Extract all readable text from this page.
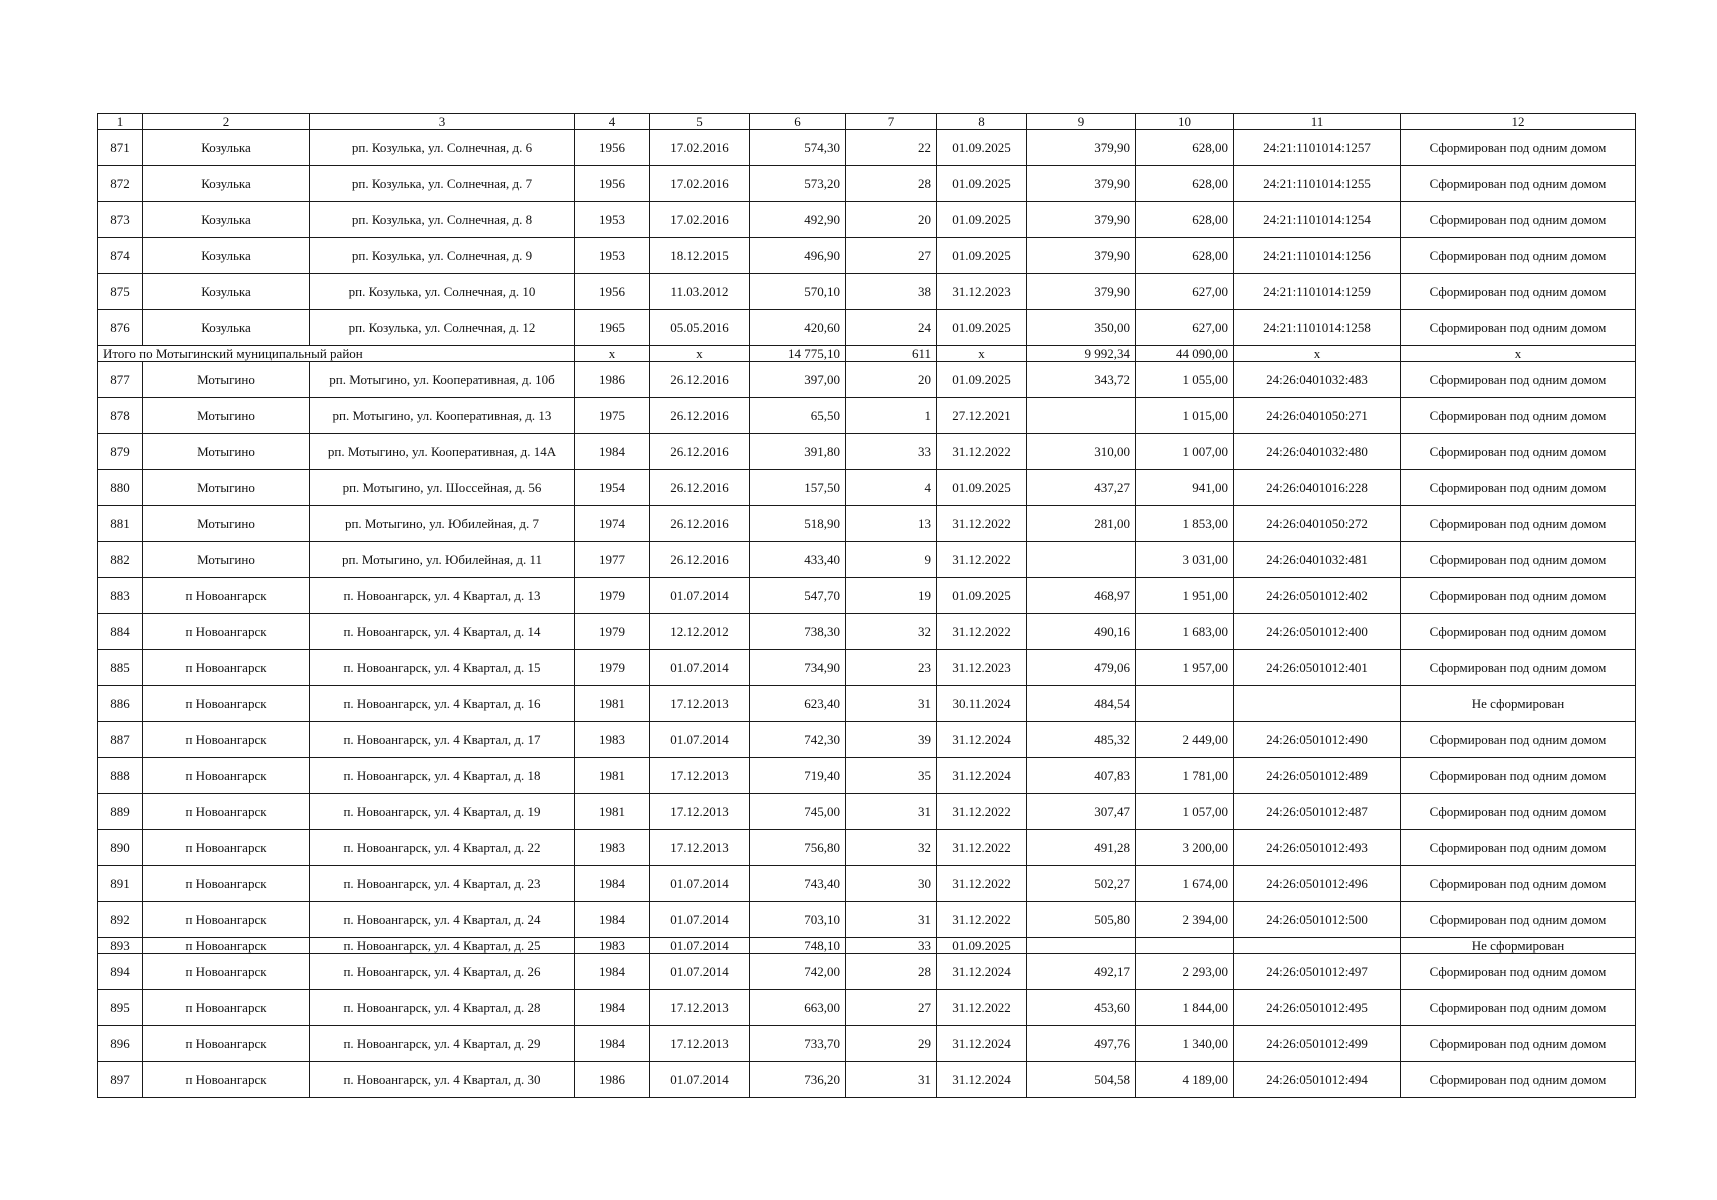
1	2	3	4	5	6	7	8	9	10	11	12
871	Козулька	рп. Козулька, ул. Солнечная, д. 6	1956	17.02.2016	574,30	22	01.09.2025	379,90	628,00	24:21:1101014:1257	Сформирован под одним домом
872	Козулька	рп. Козулька, ул. Солнечная, д. 7	1956	17.02.2016	573,20	28	01.09.2025	379,90	628,00	24:21:1101014:1255	Сформирован под одним домом
873	Козулька	рп. Козулька, ул. Солнечная, д. 8	1953	17.02.2016	492,90	20	01.09.2025	379,90	628,00	24:21:1101014:1254	Сформирован под одним домом
874	Козулька	рп. Козулька, ул. Солнечная, д. 9	1953	18.12.2015	496,90	27	01.09.2025	379,90	628,00	24:21:1101014:1256	Сформирован под одним домом
875	Козулька	рп. Козулька, ул. Солнечная, д. 10	1956	11.03.2012	570,10	38	31.12.2023	379,90	627,00	24:21:1101014:1259	Сформирован под одним домом
876	Козулька	рп. Козулька, ул. Солнечная, д. 12	1965	05.05.2016	420,60	24	01.09.2025	350,00	627,00	24:21:1101014:1258	Сформирован под одним домом
Итого по Мотыгинский муниципальный район			x	x	14 775,10	611	x	9 992,34	44 090,00	x	x
877	Мотыгино	рп. Мотыгино, ул. Кооперативная, д. 10б	1986	26.12.2016	397,00	20	01.09.2025	343,72	1 055,00	24:26:0401032:483	Сформирован под одним домом
878	Мотыгино	рп. Мотыгино, ул. Кооперативная, д. 13	1975	26.12.2016	65,50	1	27.12.2021		1 015,00	24:26:0401050:271	Сформирован под одним домом
879	Мотыгино	рп. Мотыгино, ул. Кооперативная, д. 14А	1984	26.12.2016	391,80	33	31.12.2022	310,00	1 007,00	24:26:0401032:480	Сформирован под одним домом
880	Мотыгино	рп. Мотыгино, ул. Шоссейная, д. 56	1954	26.12.2016	157,50	4	01.09.2025	437,27	941,00	24:26:0401016:228	Сформирован под одним домом
881	Мотыгино	рп. Мотыгино, ул. Юбилейная, д. 7	1974	26.12.2016	518,90	13	31.12.2022	281,00	1 853,00	24:26:0401050:272	Сформирован под одним домом
882	Мотыгино	рп. Мотыгино, ул. Юбилейная, д. 11	1977	26.12.2016	433,40	9	31.12.2022		3 031,00	24:26:0401032:481	Сформирован под одним домом
883	п Новоангарск	п. Новоангарск, ул. 4 Квартал, д. 13	1979	01.07.2014	547,70	19	01.09.2025	468,97	1 951,00	24:26:0501012:402	Сформирован под одним домом
884	п Новоангарск	п. Новоангарск, ул. 4 Квартал, д. 14	1979	12.12.2012	738,30	32	31.12.2022	490,16	1 683,00	24:26:0501012:400	Сформирован под одним домом
885	п Новоангарск	п. Новоангарск, ул. 4 Квартал, д. 15	1979	01.07.2014	734,90	23	31.12.2023	479,06	1 957,00	24:26:0501012:401	Сформирован под одним домом
886	п Новоангарск	п. Новоангарск, ул. 4 Квартал, д. 16	1981	17.12.2013	623,40	31	30.11.2024	484,54			Не сформирован
887	п Новоангарск	п. Новоангарск, ул. 4 Квартал, д. 17	1983	01.07.2014	742,30	39	31.12.2024	485,32	2 449,00	24:26:0501012:490	Сформирован под одним домом
888	п Новоангарск	п. Новоангарск, ул. 4 Квартал, д. 18	1981	17.12.2013	719,40	35	31.12.2024	407,83	1 781,00	24:26:0501012:489	Сформирован под одним домом
889	п Новоангарск	п. Новоангарск, ул. 4 Квартал, д. 19	1981	17.12.2013	745,00	31	31.12.2022	307,47	1 057,00	24:26:0501012:487	Сформирован под одним домом
890	п Новоангарск	п. Новоангарск, ул. 4 Квартал, д. 22	1983	17.12.2013	756,80	32	31.12.2022	491,28	3 200,00	24:26:0501012:493	Сформирован под одним домом
891	п Новоангарск	п. Новоангарск, ул. 4 Квартал, д. 23	1984	01.07.2014	743,40	30	31.12.2022	502,27	1 674,00	24:26:0501012:496	Сформирован под одним домом
892	п Новоангарск	п. Новоангарск, ул. 4 Квартал, д. 24	1984	01.07.2014	703,10	31	31.12.2022	505,80	2 394,00	24:26:0501012:500	Сформирован под одним домом
893	п Новоангарск	п. Новоангарск, ул. 4 Квартал, д. 25	1983	01.07.2014	748,10	33	01.09.2025				Не сформирован
894	п Новоангарск	п. Новоангарск, ул. 4 Квартал, д. 26	1984	01.07.2014	742,00	28	31.12.2024	492,17	2 293,00	24:26:0501012:497	Сформирован под одним домом
895	п Новоангарск	п. Новоангарск, ул. 4 Квартал, д. 28	1984	17.12.2013	663,00	27	31.12.2022	453,60	1 844,00	24:26:0501012:495	Сформирован под одним домом
896	п Новоангарск	п. Новоангарск, ул. 4 Квартал, д. 29	1984	17.12.2013	733,70	29	31.12.2024	497,76	1 340,00	24:26:0501012:499	Сформирован под одним домом
897	п Новоангарск	п. Новоангарск, ул. 4 Квартал, д. 30	1986	01.07.2014	736,20	31	31.12.2024	504,58	4 189,00	24:26:0501012:494	Сформирован под одним домом
